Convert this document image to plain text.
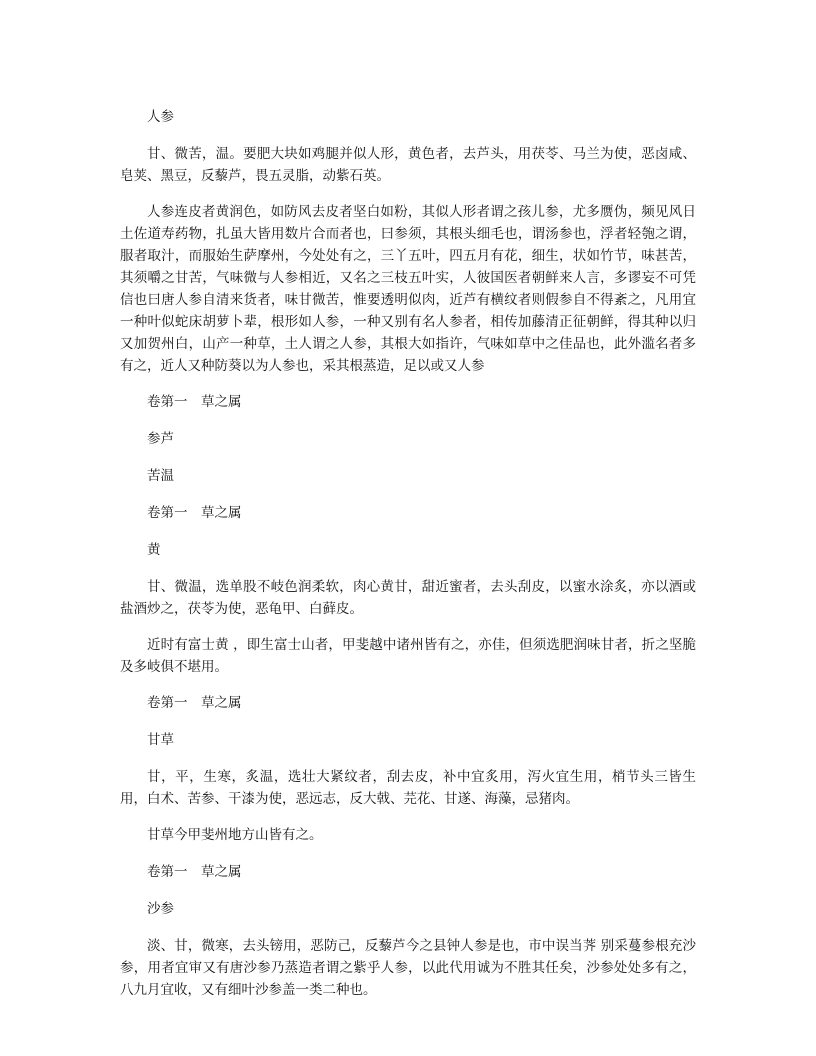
人参

甘、微苦，温。要肥大块如鸡腿并似人形，黄色者，去芦头，用茯苓、马兰为使，恶卤咸、皂荚、黑豆，反藜芦，畏五灵脂，动紫石英。

人参连皮者黄润色，如防风去皮者坚白如粉，其似人形者谓之孩儿参，尤多赝伪，频见风日土佐道寿药物，扎虽大皆用数片合而者也，曰参须，其根头细毛也，谓汤参也，浮者轻匏之谓，服者取汁，而服始生萨摩州，今处处有之，三丫五叶，四五月有花，细生，状如竹节，味甚苦，其须嚼之甘苦，气味微与人参相近，又名之三枝五叶实，人彼国医者朝鲜来人言，多谬妄不可凭信也曰唐人参自清来货者，味甘微苦，惟要透明似肉，近芦有横纹者则假参自不得紊之，凡用宜一种叶似蛇床胡萝卜辈，根形如人参，一种又别有名人参者，相传加藤清正征朝鲜，得其种以归又加贺州白，山产一种草，土人谓之人参，其根大如指许，气味如草中之佳品也，此外滥名者多有之，近人又种防葵以为人参也，采其根蒸造，足以或又人参

卷第一　草之属

参芦

苦温

卷第一　草之属

黄

甘、微温，选单股不岐色润柔软，肉心黄甘，甜近蜜者，去头刮皮，以蜜水涂炙，亦以酒或盐酒炒之，茯苓为使，恶龟甲、白藓皮。

近时有富士黄 ，即生富士山者，甲斐越中诸州皆有之，亦佳，但须选肥润味甘者，折之坚脆及多岐俱不堪用。

卷第一　草之属

甘草

甘，平，生寒，炙温，选壮大紧纹者，刮去皮，补中宜炙用，泻火宜生用，梢节头三皆生用，白术、苦参、干漆为使，恶远志，反大戟、芫花、甘遂、海藻，忌猪肉。

甘草今甲斐州地方山皆有之。

卷第一　草之属

沙参

淡、甘，微寒，去头镑用，恶防己，反藜芦今之县钟人参是也，市中误当荠 别采蔓参根充沙参，用者宜审又有唐沙参乃蒸造者谓之紫乎人参，以此代用诚为不胜其任矣，沙参处处多有之，八九月宜收，又有细叶沙参盖一类二种也。
